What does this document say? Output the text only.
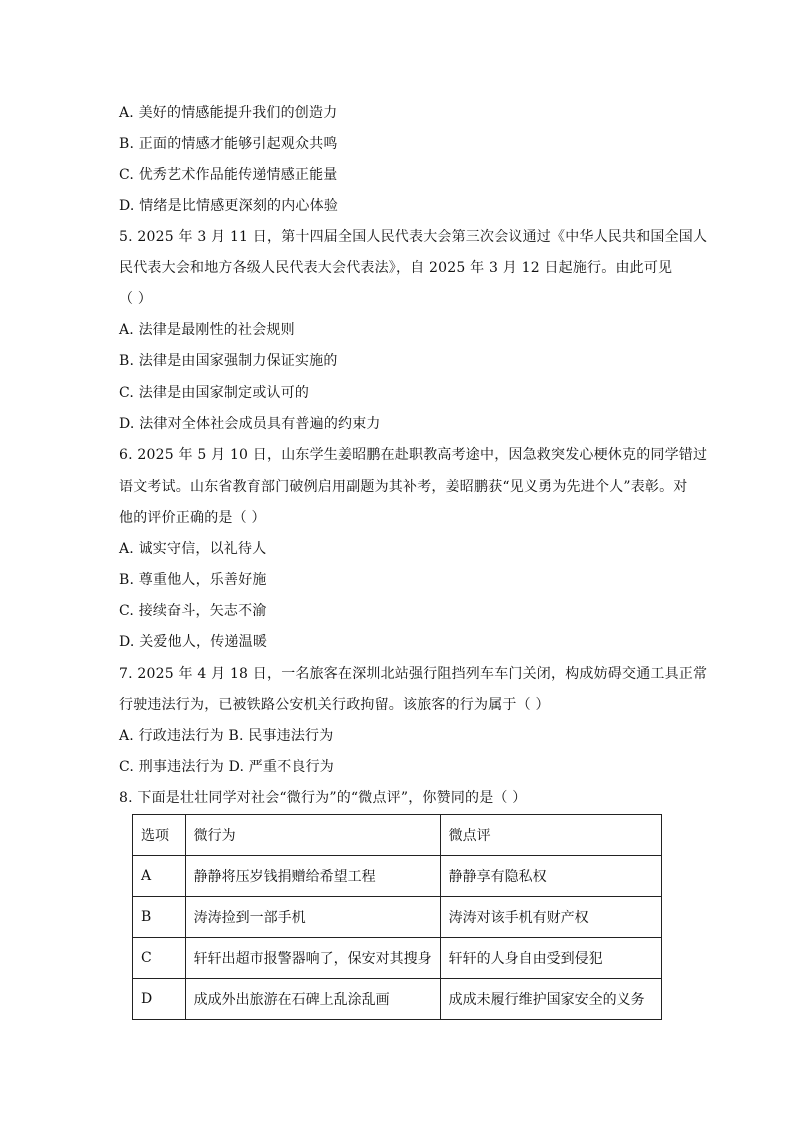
A. 美好的情感能提升我们的创造力
B. 正面的情感才能够引起观众共鸣
C. 优秀艺术作品能传递情感正能量
D. 情绪是比情感更深刻的内心体验
5. 2025 年 3 月 11 日，第十四届全国人民代表大会第三次会议通过《中华人民共和国全国人
民代表大会和地方各级人民代表大会代表法》，自 2025 年 3 月 12 日起施行。由此可见
（ ）
A. 法律是最刚性的社会规则
B. 法律是由国家强制力保证实施的
C. 法律是由国家制定或认可的
D. 法律对全体社会成员具有普遍的约束力
6. 2025 年 5 月 10 日，山东学生姜昭鹏在赴职教高考途中，因急救突发心梗休克的同学错过
语文考试。山东省教育部门破例启用副题为其补考，姜昭鹏获“见义勇为先进个人”表彰。对
他的评价正确的是（ ）
A. 诚实守信，以礼待人
B. 尊重他人，乐善好施
C. 接续奋斗，矢志不渝
D. 关爱他人，传递温暖
7. 2025 年 4 月 18 日，一名旅客在深圳北站强行阻挡列车车门关闭，构成妨碍交通工具正常
行驶违法行为，已被铁路公安机关行政拘留。该旅客的行为属于（ ）
A. 行政违法行为 B. 民事违法行为
C. 刑事违法行为 D. 严重不良行为
8. 下面是壮壮同学对社会“微行为”的“微点评”，你赞同的是（ ）
选项	微行为	微点评
A	静静将压岁钱捐赠给希望工程	静静享有隐私权
B	涛涛捡到一部手机	涛涛对该手机有财产权
C	轩轩出超市报警器响了，保安对其搜身	轩轩的人身自由受到侵犯
D	成成外出旅游在石碑上乱涂乱画	成成未履行维护国家安全的义务
